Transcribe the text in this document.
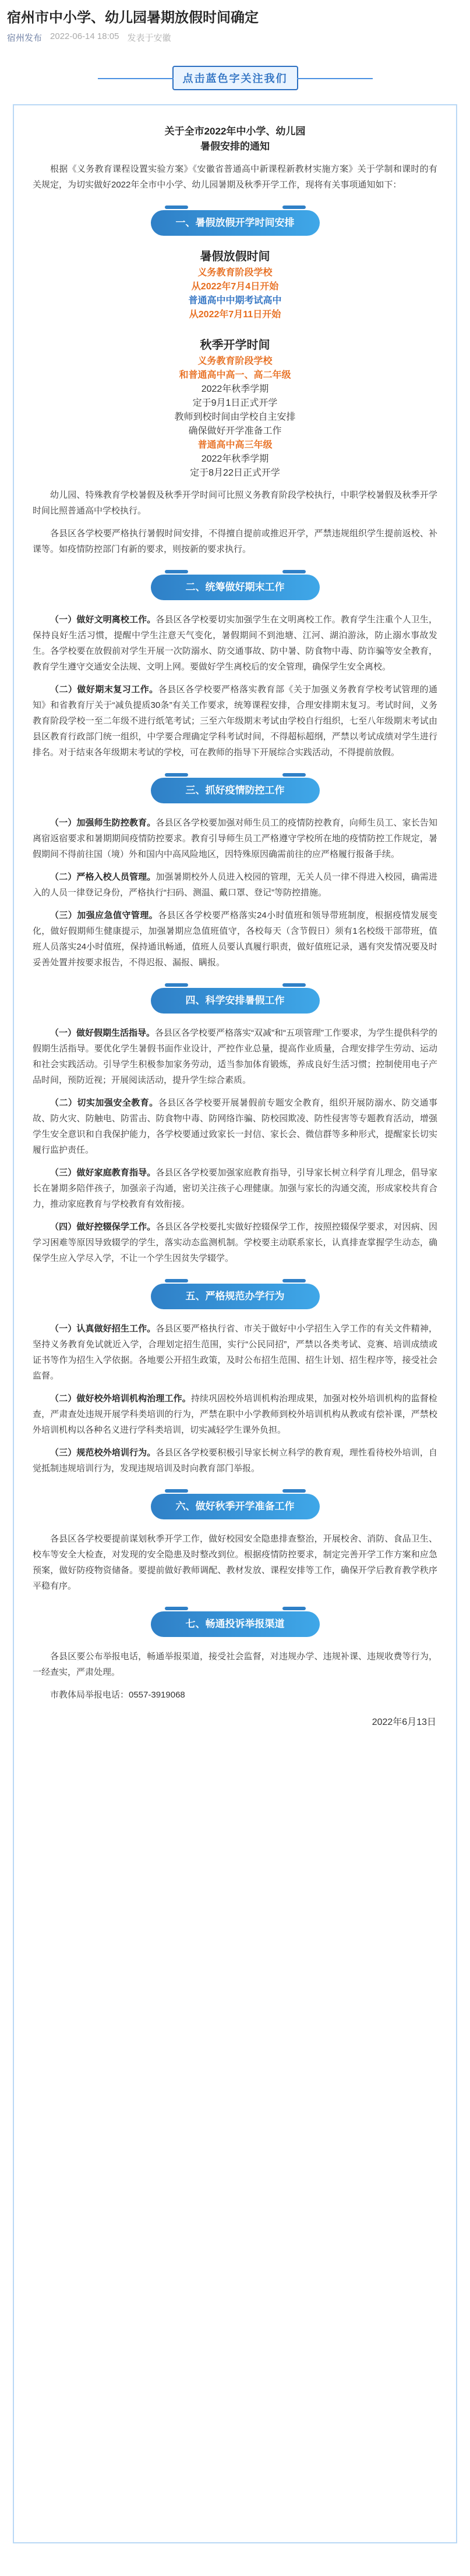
宿州市中小学、幼儿园暑期放假时间确定
宿州发布 2022-06-14 18:05 发表于安徽
点击蓝色字关注我们
关于全市2022年中小学、幼儿园
暑假安排的通知
根据《义务教育课程设置实验方案》《安徽省普通高中新课程新教材实施方案》关于学制和课时的有关规定，为切实做好2022年全市中小学、幼儿园暑期及秋季开学工作，现将有关事项通知如下：
一、暑假放假开学时间安排
暑假放假时间
义务教育阶段学校
从2022年7月4日开始
普通高中中期考试高中
从2022年7月11日开始
秋季开学时间
义务教育阶段学校
和普通高中高一、高二年级
2022年秋季学期
定于9月1日正式开学
教师到校时间由学校自主安排
确保做好开学准备工作
普通高中高三年级
2022年秋季学期
定于8月22日正式开学
幼儿园、特殊教育学校暑假及秋季开学时间可比照义务教育阶段学校执行，中职学校暑假及秋季开学时间比照普通高中学校执行。
各县区各学校要严格执行暑假时间安排，不得擅自提前或推迟开学，严禁违规组织学生提前返校、补课等。如疫情防控部门有新的要求，则按新的要求执行。
二、统筹做好期末工作
（一）做好文明离校工作。各县区各学校要切实加强学生在文明离校工作。教育学生注重个人卫生，保持良好生活习惯，提醒中学生注意天气变化，暑假期间不到池塘、江河、湖泊游泳，防止溺水事故发生。各学校要在放假前对学生开展一次防溺水、防交通事故、防中暑、防食物中毒、防诈骗等安全教育，教育学生遵守交通安全法规、文明上网。要做好学生离校后的安全管理，确保学生安全离校。
（二）做好期末复习工作。各县区各学校要严格落实教育部《关于加强义务教育学校考试管理的通知》和省教育厅关于“减负提质30条”有关工作要求，统筹课程安排，合理安排期末复习。考试时间，义务教育阶段学校一至二年级不进行纸笔考试；三至六年级期末考试由学校自行组织，七至八年级期末考试由县区教育行政部门统一组织，中学要合理确定学科考试时间，不得超标超纲，严禁以考试成绩对学生进行排名。对于结束各年级期末考试的学校，可在教师的指导下开展综合实践活动，不得提前放假。
三、抓好疫情防控工作
（一）加强师生防控教育。各县区各学校要加强对师生员工的疫情防控教育，向师生员工、家长告知离宿返宿要求和暑期期间疫情防控要求。教育引导师生员工严格遵守学校所在地的疫情防控工作规定，暑假期间不得前往国（境）外和国内中高风险地区，因特殊原因确需前往的应严格履行报备手续。
（二）严格入校人员管理。加强暑期校外人员进入校园的管理，无关人员一律不得进入校园，确需进入的人员一律登记身份，严格执行“扫码、测温、戴口罩、登记”等防控措施。
（三）加强应急值守管理。各县区各学校要严格落实24小时值班和领导带班制度，根据疫情发展变化，做好假期师生健康提示，加强暑期应急值班值守，各校每天（含节假日）须有1名校级干部带班，值班人员落实24小时值班，保持通讯畅通，值班人员要认真履行职责，做好值班记录，遇有突发情况要及时妥善处置并按要求报告，不得迟报、漏报、瞒报。
四、科学安排暑假工作
（一）做好假期生活指导。各县区各学校要严格落实“双减”和“五项管理”工作要求，为学生提供科学的假期生活指导。要优化学生暑假书面作业设计，严控作业总量，提高作业质量，合理安排学生劳动、运动和社会实践活动。引导学生积极参加家务劳动，适当参加体育锻炼，养成良好生活习惯；控制使用电子产品时间，预防近视；开展阅读活动，提升学生综合素质。
（二）切实加强安全教育。各县区各学校要开展暑假前专题安全教育，组织开展防溺水、防交通事故、防火灾、防触电、防雷击、防食物中毒、防网络诈骗、防校园欺凌、防性侵害等专题教育活动，增强学生安全意识和自我保护能力，各学校要通过致家长一封信、家长会、微信群等多种形式，提醒家长切实履行监护责任。
（三）做好家庭教育指导。各县区各学校要加强家庭教育指导，引导家长树立科学育儿理念，倡导家长在暑期多陪伴孩子，加强亲子沟通，密切关注孩子心理健康。加强与家长的沟通交流，形成家校共育合力，推动家庭教育与学校教育有效衔接。
（四）做好控辍保学工作。各县区各学校要扎实做好控辍保学工作，按照控辍保学要求，对因病、因学习困难等原因导致辍学的学生，落实动态监测机制。学校要主动联系家长，认真排查掌握学生动态，确保学生应入学尽入学，不让一个学生因贫失学辍学。
五、严格规范办学行为
（一）认真做好招生工作。各县区要严格执行省、市关于做好中小学招生入学工作的有关文件精神，坚持义务教育免试就近入学，合理划定招生范围，实行“公民同招”，严禁以各类考试、竞赛、培训成绩或证书等作为招生入学依据。各地要公开招生政策，及时公布招生范围、招生计划、招生程序等，接受社会监督。
（二）做好校外培训机构治理工作。持续巩固校外培训机构治理成果，加强对校外培训机构的监督检查，严肃查处违规开展学科类培训的行为，严禁在职中小学教师到校外培训机构从教或有偿补课，严禁校外培训机构以各种名义进行学科类培训，切实减轻学生课外负担。
（三）规范校外培训行为。各县区各学校要积极引导家长树立科学的教育观，理性看待校外培训，自觉抵制违规培训行为，发现违规培训及时向教育部门举报。
六、做好秋季开学准备工作
各县区各学校要提前谋划秋季开学工作，做好校园安全隐患排查整治，开展校舍、消防、食品卫生、校车等安全大检查，对发现的安全隐患及时整改到位。根据疫情防控要求，制定完善开学工作方案和应急预案，做好防疫物资储备。要提前做好教师调配、教材发放、课程安排等工作，确保开学后教育教学秩序平稳有序。
七、畅通投诉举报渠道
各县区要公布举报电话，畅通举报渠道，接受社会监督，对违规办学、违规补课、违规收费等行为，一经查实，严肃处理。
市教体局举报电话：0557-3919068
2022年6月13日
